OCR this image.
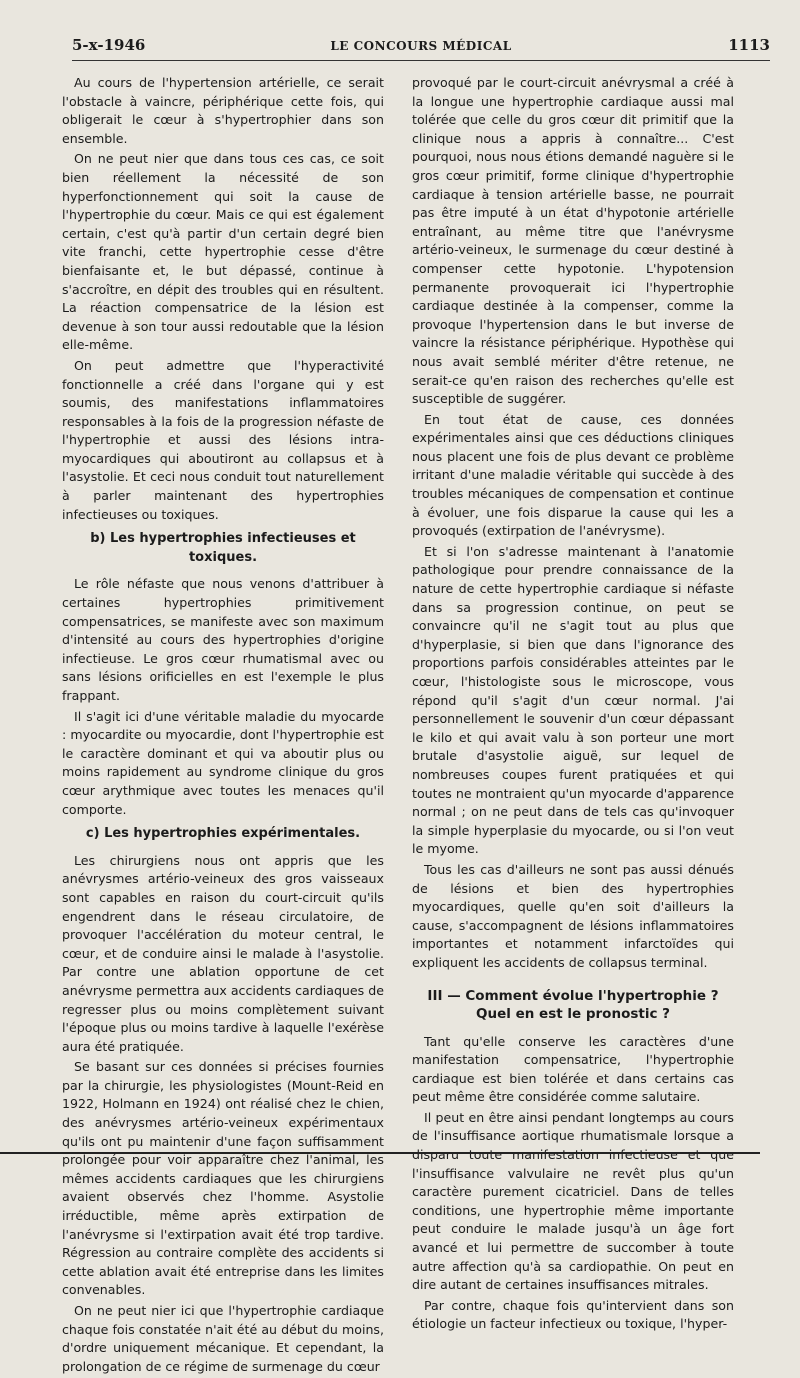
5-x-1946	LE CONCOURS MÉDICAL	1113

Au cours de l'hypertension artérielle, ce serait l'obstacle à vaincre, périphérique cette fois, qui obligerait le cœur à s'hypertrophier dans son ensemble.

On ne peut nier que dans tous ces cas, ce soit bien réellement la nécessité de son hyperfonctionnement qui soit la cause de l'hypertrophie du cœur. Mais ce qui est également certain, c'est qu'à partir d'un certain degré bien vite franchi, cette hypertrophie cesse d'être bienfaisante et, le but dépassé, continue à s'accroître, en dépit des troubles qui en résultent. La réaction compensatrice de la lésion est devenue à son tour aussi redoutable que la lésion elle-même.

On peut admettre que l'hyperactivité fonctionnelle a créé dans l'organe qui y est soumis, des manifestations inflammatoires responsables à la fois de la progression néfaste de l'hypertrophie et aussi des lésions intra-myocardiques qui aboutiront au collapsus et à l'asystolie. Et ceci nous conduit tout naturellement à parler maintenant des hypertrophies infectieuses ou toxiques.

b) Les hypertrophies infectieuses et toxiques.

Le rôle néfaste que nous venons d'attribuer à certaines hypertrophies primitivement compensatrices, se manifeste avec son maximum d'intensité au cours des hypertrophies d'origine infectieuse. Le gros cœur rhumatismal avec ou sans lésions orificielles en est l'exemple le plus frappant.

Il s'agit ici d'une véritable maladie du myocarde : myocardite ou myocardie, dont l'hypertrophie est le caractère dominant et qui va aboutir plus ou moins rapidement au syndrome clinique du gros cœur arythmique avec toutes les menaces qu'il comporte.

c) Les hypertrophies expérimentales.

Les chirurgiens nous ont appris que les anévrysmes artério-veineux des gros vaisseaux sont capables en raison du court-circuit qu'ils engendrent dans le réseau circulatoire, de provoquer l'accélération du moteur central, le cœur, et de conduire ainsi le malade à l'asystolie. Par contre une ablation opportune de cet anévrysme permettra aux accidents cardiaques de regresser plus ou moins complètement suivant l'époque plus ou moins tardive à laquelle l'exérèse aura été pratiquée.

Se basant sur ces données si précises fournies par la chirurgie, les physiologistes (Mount-Reid en 1922, Holmann en 1924) ont réalisé chez le chien, des anévrysmes artério-veineux expérimentaux qu'ils ont pu maintenir d'une façon suffisamment prolongée pour voir apparaître chez l'animal, les mêmes accidents cardiaques que les chirurgiens avaient observés chez l'homme. Asystolie irréductible, même après extirpation de l'anévrysme si l'extirpation avait été trop tardive. Régression au contraire complète des accidents si cette ablation avait été entreprise dans les limites convenables.

On ne peut nier ici que l'hypertrophie cardiaque chaque fois constatée n'ait été au début du moins, d'ordre uniquement mécanique. Et cependant, la prolongation de ce régime de surmenage du cœur

provoqué par le court-circuit anévrysmal a créé à la longue une hypertrophie cardiaque aussi mal tolérée que celle du gros cœur dit primitif que la clinique nous a appris à connaître... C'est pourquoi, nous nous étions demandé naguère si le gros cœur primitif, forme clinique d'hypertrophie cardiaque à tension artérielle basse, ne pourrait pas être imputé à un état d'hypotonie artérielle entraînant, au même titre que l'anévrysme artério-veineux, le surmenage du cœur destiné à compenser cette hypotonie. L'hypotension permanente provoquerait ici l'hypertrophie cardiaque destinée à la compenser, comme la provoque l'hypertension dans le but inverse de vaincre la résistance périphérique. Hypothèse qui nous avait semblé mériter d'être retenue, ne serait-ce qu'en raison des recherches qu'elle est susceptible de suggérer.

En tout état de cause, ces données expérimentales ainsi que ces déductions cliniques nous placent une fois de plus devant ce problème irritant d'une maladie véritable qui succède à des troubles mécaniques de compensation et continue à évoluer, une fois disparue la cause qui les a provoqués (extirpation de l'anévrysme).

Et si l'on s'adresse maintenant à l'anatomie pathologique pour prendre connaissance de la nature de cette hypertrophie cardiaque si néfaste dans sa progression continue, on peut se convaincre qu'il ne s'agit tout au plus que d'hyperplasie, si bien que dans l'ignorance des proportions parfois considérables atteintes par le cœur, l'histologiste sous le microscope, vous répond qu'il s'agit d'un cœur normal. J'ai personnellement le souvenir d'un cœur dépassant le kilo et qui avait valu à son porteur une mort brutale d'asystolie aiguë, sur lequel de nombreuses coupes furent pratiquées et qui toutes ne montraient qu'un myocarde d'apparence normal ; on ne peut dans de tels cas qu'invoquer la simple hyperplasie du myocarde, ou si l'on veut le myome.

Tous les cas d'ailleurs ne sont pas aussi dénués de lésions et bien des hypertrophies myocardiques, quelle qu'en soit d'ailleurs la cause, s'accompagnent de lésions inflammatoires importantes et notamment infarctoïdes qui expliquent les accidents de collapsus terminal.

III — Comment évolue l'hypertrophie ? Quel en est le pronostic ?

Tant qu'elle conserve les caractères d'une manifestation compensatrice, l'hypertrophie cardiaque est bien tolérée et dans certains cas peut même être considérée comme salutaire.

Il peut en être ainsi pendant longtemps au cours de l'insuffisance aortique rhumatismale lorsque a disparu toute manifestation infectieuse et que l'insuffisance valvulaire ne revêt plus qu'un caractère purement cicatriciel. Dans de telles conditions, une hypertrophie même importante peut conduire le malade jusqu'à un âge fort avancé et lui permettre de succomber à toute autre affection qu'à sa cardiopathie. On peut en dire autant de certaines insuffisances mitrales.

Par contre, chaque fois qu'intervient dans son étiologie un facteur infectieux ou toxique, l'hyper-
